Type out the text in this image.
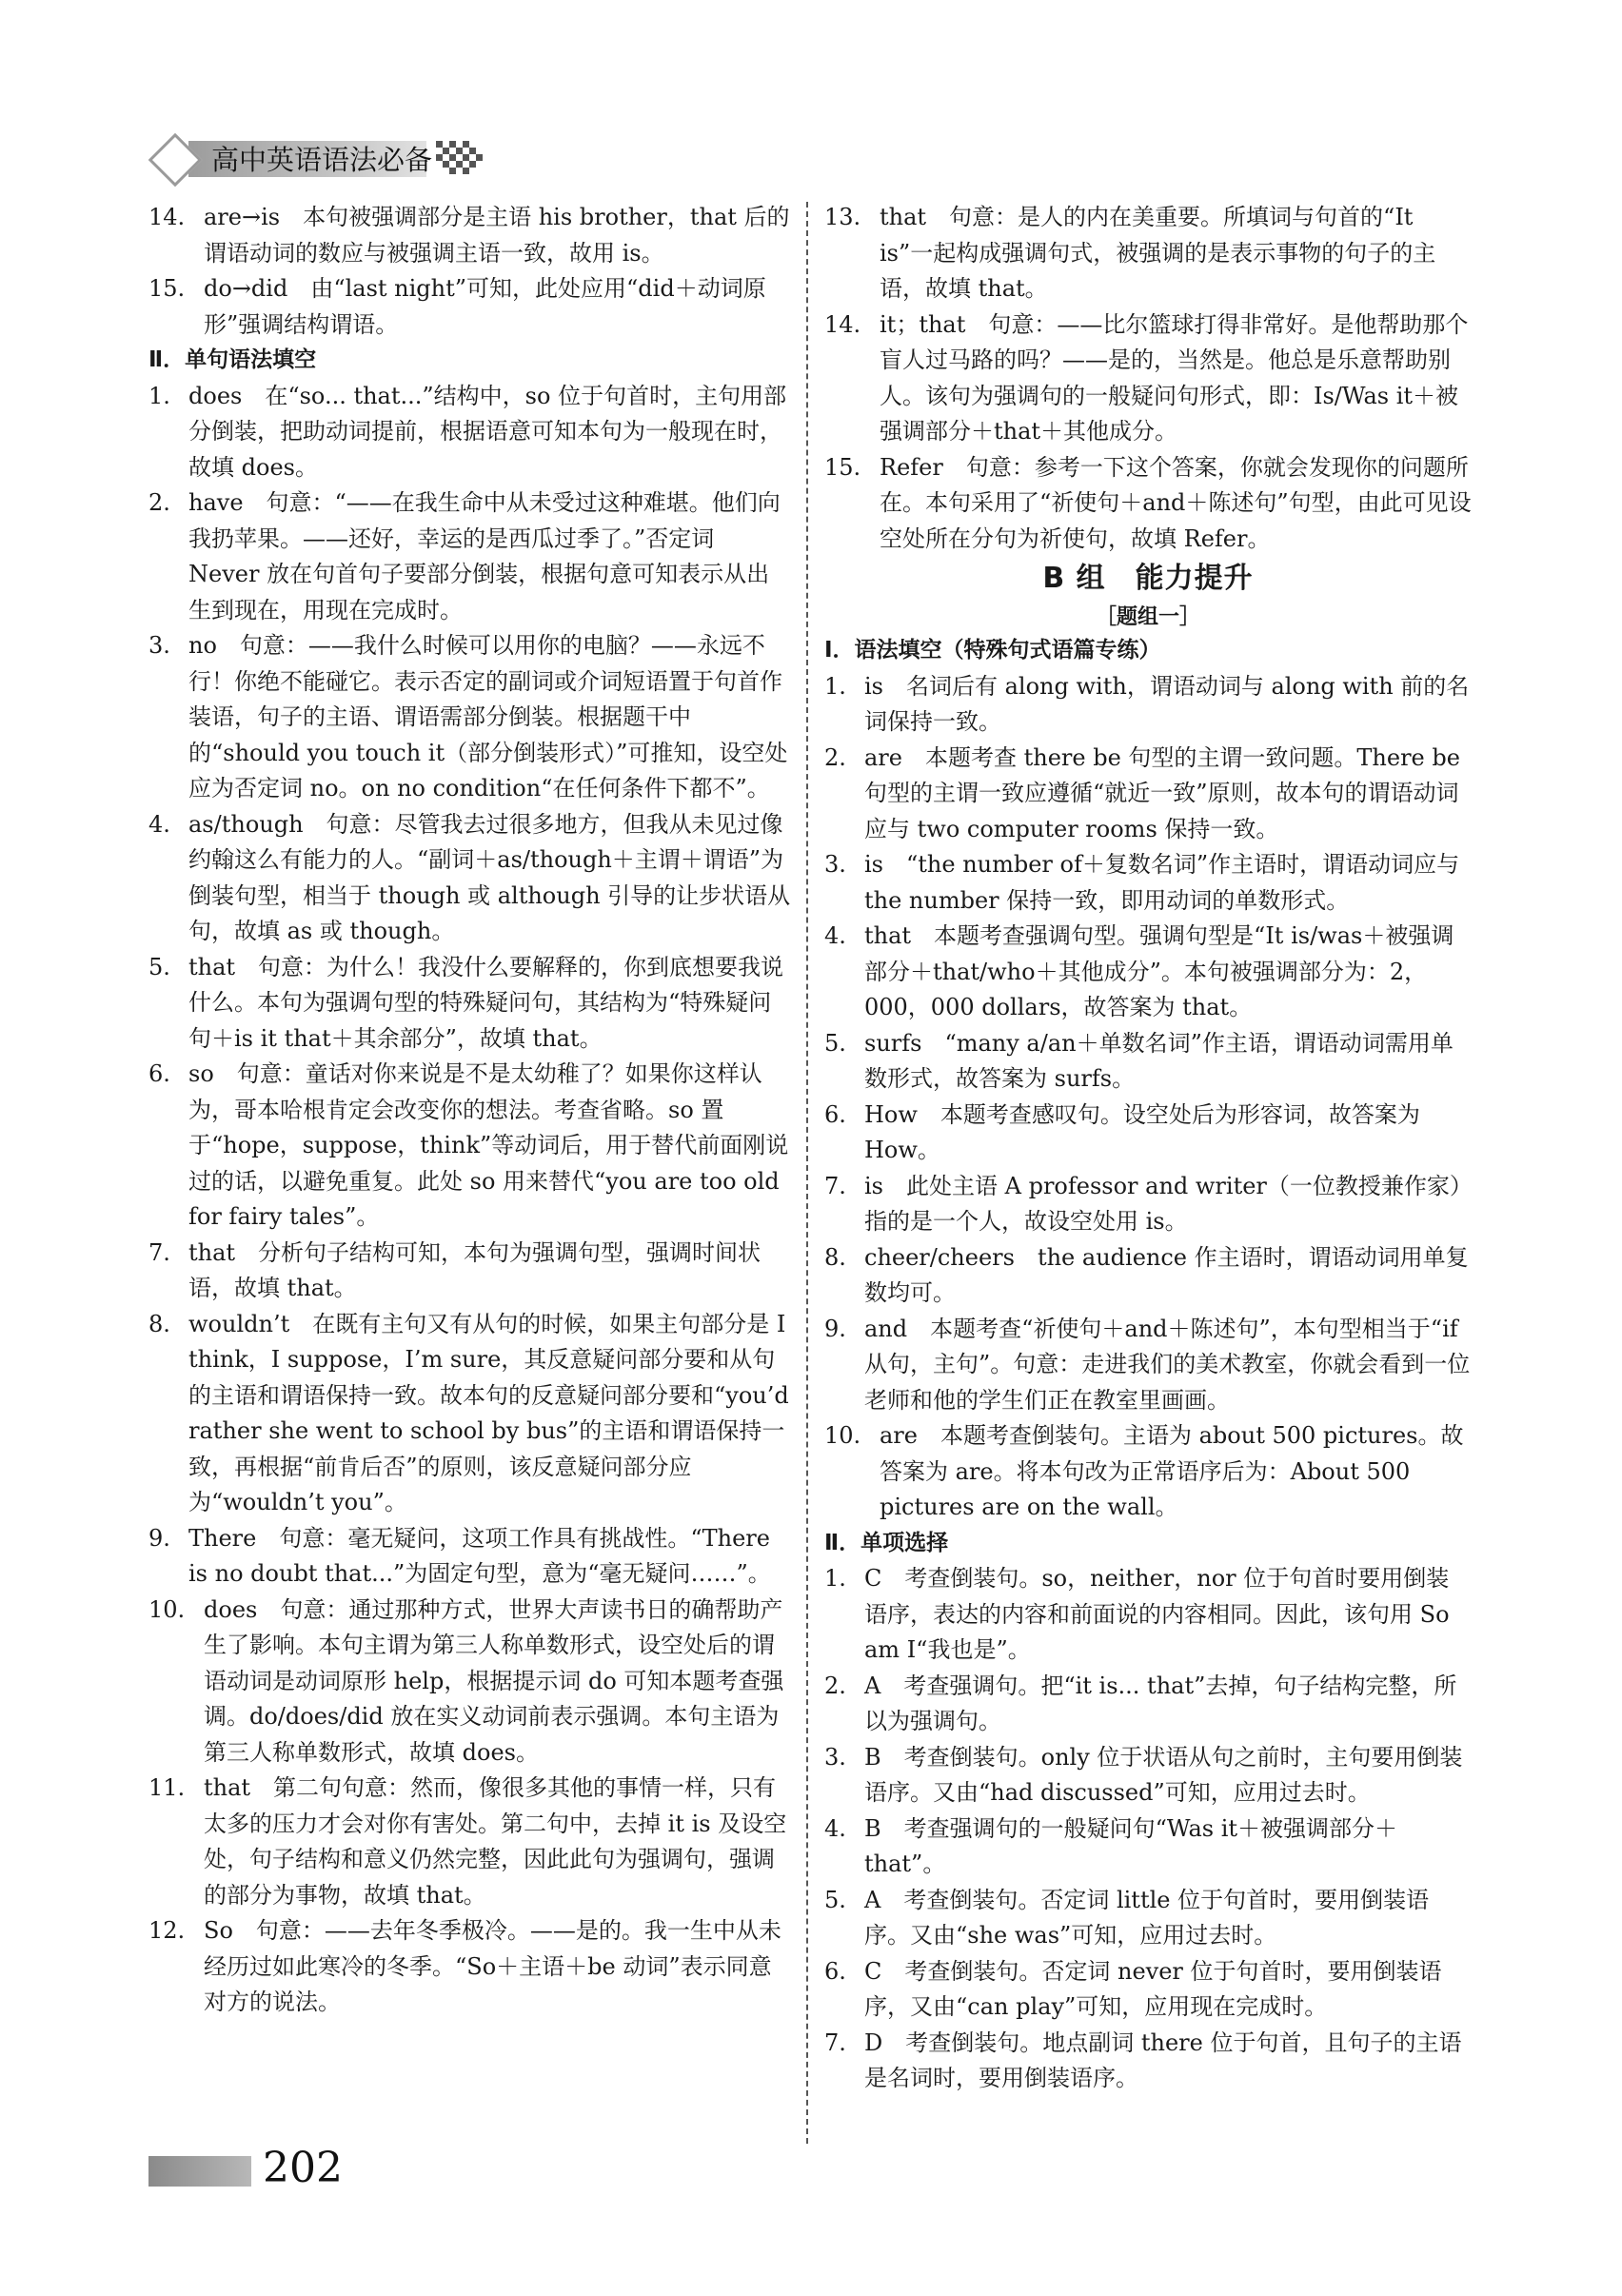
高中英语语法必备
14. are→is　本句被强调部分是主语 his brother，that 后的谓语动词的数应与被强调主语一致，故用 is。
15. do→did　由“last night”可知，此处应用“did＋动词原形”强调结构谓语。
Ⅱ．单句语法填空
1. does　在“so... that...”结构中，so 位于句首时，主句用部分倒装，把助动词提前，根据语意可知本句为一般现在时，故填 does。
2. have　句意：“——在我生命中从未受过这种难堪。他们向我扔苹果。——还好，幸运的是西瓜过季了。”否定词 Never 放在句首句子要部分倒装，根据句意可知表示从出生到现在，用现在完成时。
3. no　句意：——我什么时候可以用你的电脑？——永远不行！你绝不能碰它。表示否定的副词或介词短语置于句首作装语，句子的主语、谓语需部分倒装。根据题干中的“should you touch it（部分倒装形式）”可推知，设空处应为否定词 no。on no condition“在任何条件下都不”。
4. as/though　句意：尽管我去过很多地方，但我从未见过像约翰这么有能力的人。“副词＋as/though＋主谓＋谓语”为倒装句型，相当于 though 或 although 引导的让步状语从句，故填 as 或 though。
5. that　句意：为什么！我没什么要解释的，你到底想要我说什么。本句为强调句型的特殊疑问句，其结构为“特殊疑问句＋is it that＋其余部分”，故填 that。
6. so　句意：童话对你来说是不是太幼稚了？如果你这样认为，哥本哈根肯定会改变你的想法。考查省略。so 置于“hope，suppose，think”等动词后，用于替代前面刚说过的话，以避免重复。此处 so 用来替代“you are too old for fairy tales”。
7. that　分析句子结构可知，本句为强调句型，强调时间状语，故填 that。
8. wouldn’t　在既有主句又有从句的时候，如果主句部分是 I think，I suppose，I’m sure，其反意疑问部分要和从句的主语和谓语保持一致。故本句的反意疑问部分要和“you’d rather she went to school by bus”的主语和谓语保持一致，再根据“前肯后否”的原则，该反意疑问部分应为“wouldn’t you”。
9. There　句意：毫无疑问，这项工作具有挑战性。“There is no doubt that...”为固定句型，意为“毫无疑问……”。
10. does　句意：通过那种方式，世界大声读书日的确帮助产生了影响。本句主谓为第三人称单数形式，设空处后的谓语动词是动词原形 help，根据提示词 do 可知本题考查强调。do/does/did 放在实义动词前表示强调。本句主语为第三人称单数形式，故填 does。
11. that　第二句句意：然而，像很多其他的事情一样，只有太多的压力才会对你有害处。第二句中，去掉 it is 及设空处，句子结构和意义仍然完整，因此此句为强调句，强调的部分为事物，故填 that。
12. So　句意：——去年冬季极冷。——是的。我一生中从未经历过如此寒冷的冬季。“So＋主语＋be 动词”表示同意对方的说法。
13. that　句意：是人的内在美重要。所填词与句首的“It is”一起构成强调句式，被强调的是表示事物的句子的主语，故填 that。
14. it；that　句意：——比尔篮球打得非常好。是他帮助那个盲人过马路的吗？——是的，当然是。他总是乐意帮助别人。该句为强调句的一般疑问句形式，即：Is/Was it＋被强调部分＋that＋其他成分。
15. Refer　句意：参考一下这个答案，你就会发现你的问题所在。本句采用了“祈使句＋and＋陈述句”句型，由此可见设空处所在分句为祈使句，故填 Refer。
B 组　能力提升
［题组一］
Ⅰ．语法填空（特殊句式语篇专练）
1. is　名词后有 along with，谓语动词与 along with 前的名词保持一致。
2. are　本题考查 there be 句型的主谓一致问题。There be 句型的主谓一致应遵循“就近一致”原则，故本句的谓语动词应与 two computer rooms 保持一致。
3. is　“the number of＋复数名词”作主语时，谓语动词应与 the number 保持一致，即用动词的单数形式。
4. that　本题考查强调句型。强调句型是“It is/was＋被强调部分＋that/who＋其他成分”。本句被强调部分为：2，000，000 dollars，故答案为 that。
5. surfs　“many a/an＋单数名词”作主语，谓语动词需用单数形式，故答案为 surfs。
6. How　本题考查感叹句。设空处后为形容词，故答案为 How。
7. is　此处主语 A professor and writer（一位教授兼作家）指的是一个人，故设空处用 is。
8. cheer/cheers　the audience 作主语时，谓语动词用单复数均可。
9. and　本题考查“祈使句＋and＋陈述句”，本句型相当于“if 从句，主句”。句意：走进我们的美术教室，你就会看到一位老师和他的学生们正在教室里画画。
10. are　本题考查倒装句。主语为 about 500 pictures。故答案为 are。将本句改为正常语序后为：About 500 pictures are on the wall。
Ⅱ．单项选择
1. C　考查倒装句。so，neither，nor 位于句首时要用倒装语序，表达的内容和前面说的内容相同。因此，该句用 So am I“我也是”。
2. A　考查强调句。把“it is... that”去掉，句子结构完整，所以为强调句。
3. B　考查倒装句。only 位于状语从句之前时，主句要用倒装语序。又由“had discussed”可知，应用过去时。
4. B　考查强调句的一般疑问句“Was it＋被强调部分＋that”。
5. A　考查倒装句。否定词 little 位于句首时，要用倒装语序。又由“she was”可知，应用过去时。
6. C　考查倒装句。否定词 never 位于句首时，要用倒装语序，又由“can play”可知，应用现在完成时。
7. D　考查倒装句。地点副词 there 位于句首，且句子的主语是名词时，要用倒装语序。
202
